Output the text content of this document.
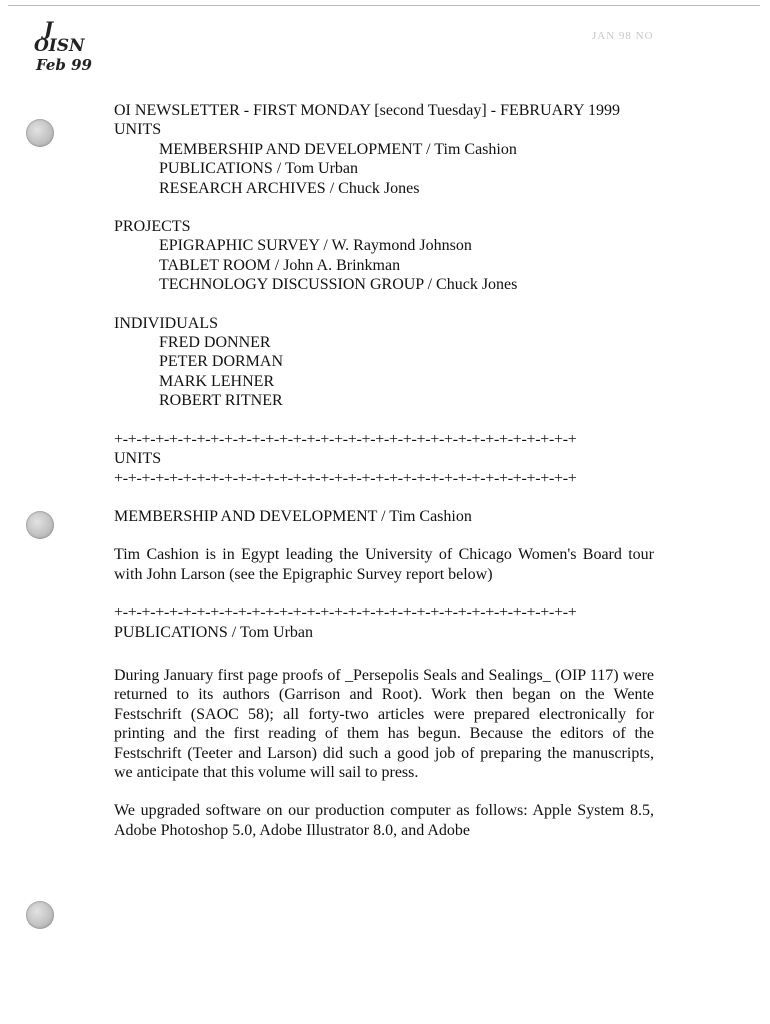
J
OISN
Feb 99
JAN 98 NO

OI NEWSLETTER - FIRST MONDAY [second Tuesday] - FEBRUARY 1999

UNITS

MEMBERSHIP AND DEVELOPMENT / Tim Cashion

PUBLICATIONS / Tom Urban

RESEARCH ARCHIVES / Chuck Jones

PROJECTS

EPIGRAPHIC SURVEY / W. Raymond Johnson

TABLET ROOM / John A. Brinkman

TECHNOLOGY DISCUSSION GROUP / Chuck Jones

INDIVIDUALS

FRED DONNER

PETER DORMAN

MARK LEHNER

ROBERT RITNER

+-+-+-+-+-+-+-+-+-+-+-+-+-+-+-+-+-+-+-+-+-+-+-+-+-+-+-+-+-+-+-+-+-+

UNITS

+-+-+-+-+-+-+-+-+-+-+-+-+-+-+-+-+-+-+-+-+-+-+-+-+-+-+-+-+-+-+-+-+-+

MEMBERSHIP AND DEVELOPMENT / Tim Cashion

Tim Cashion is in Egypt leading the University of Chicago Women's Board tour with John Larson (see the Epigraphic Survey report below)

+-+-+-+-+-+-+-+-+-+-+-+-+-+-+-+-+-+-+-+-+-+-+-+-+-+-+-+-+-+-+-+-+-+

PUBLICATIONS / Tom Urban

During January first page proofs of _Persepolis Seals and Sealings_ (OIP 117) were returned to its authors (Garrison and Root). Work then began on the Wente Festschrift (SAOC 58); all forty-two articles were prepared electronically for printing and the first reading of them has begun. Because the editors of the Festschrift (Teeter and Larson) did such a good job of preparing the manuscripts, we anticipate that this volume will sail to press.

We upgraded software on our production computer as follows: Apple System 8.5, Adobe Photoshop 5.0, Adobe Illustrator 8.0, and Adobe
